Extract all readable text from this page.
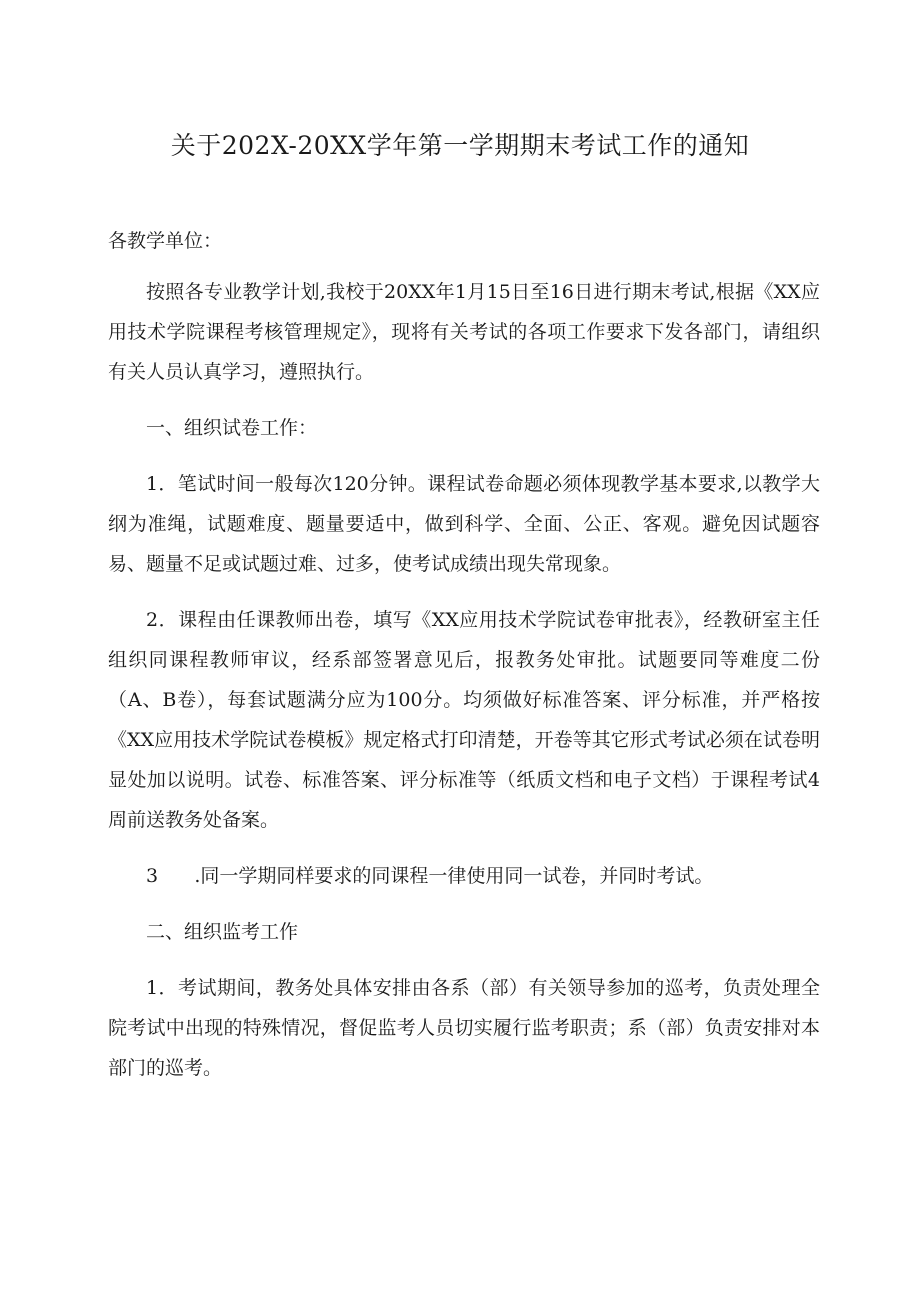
关于202X-20XX学年第一学期期末考试工作的通知
各教学单位：

按照各专业教学计划,我校于20XX年1月15日至16日进行期末考试,根据《XX应用技术学院课程考核管理规定》，现将有关考试的各项工作要求下发各部门，请组织有关人员认真学习，遵照执行。

一、组织试卷工作：

1．笔试时间一般每次120分钟。课程试卷命题必须体现教学基本要求,以教学大纲为准绳，试题难度、题量要适中，做到科学、全面、公正、客观。避免因试题容易、题量不足或试题过难、过多，使考试成绩出现失常现象。

2．课程由任课教师出卷，填写《XX应用技术学院试卷审批表》，经教研室主任组织同课程教师审议，经系部签署意见后，报教务处审批。试题要同等难度二份（A、B卷），每套试题满分应为100分。均须做好标准答案、评分标准，并严格按《XX应用技术学院试卷模板》规定格式打印清楚，开卷等其它形式考试必须在试卷明显处加以说明。试卷、标准答案、评分标准等（纸质文档和电子文档）于课程考试4周前送教务处备案。

3      .同一学期同样要求的同课程一律使用同一试卷，并同时考试。

二、组织监考工作

1．考试期间，教务处具体安排由各系（部）有关领导参加的巡考，负责处理全院考试中出现的特殊情况，督促监考人员切实履行监考职责；系（部）负责安排对本部门的巡考。
